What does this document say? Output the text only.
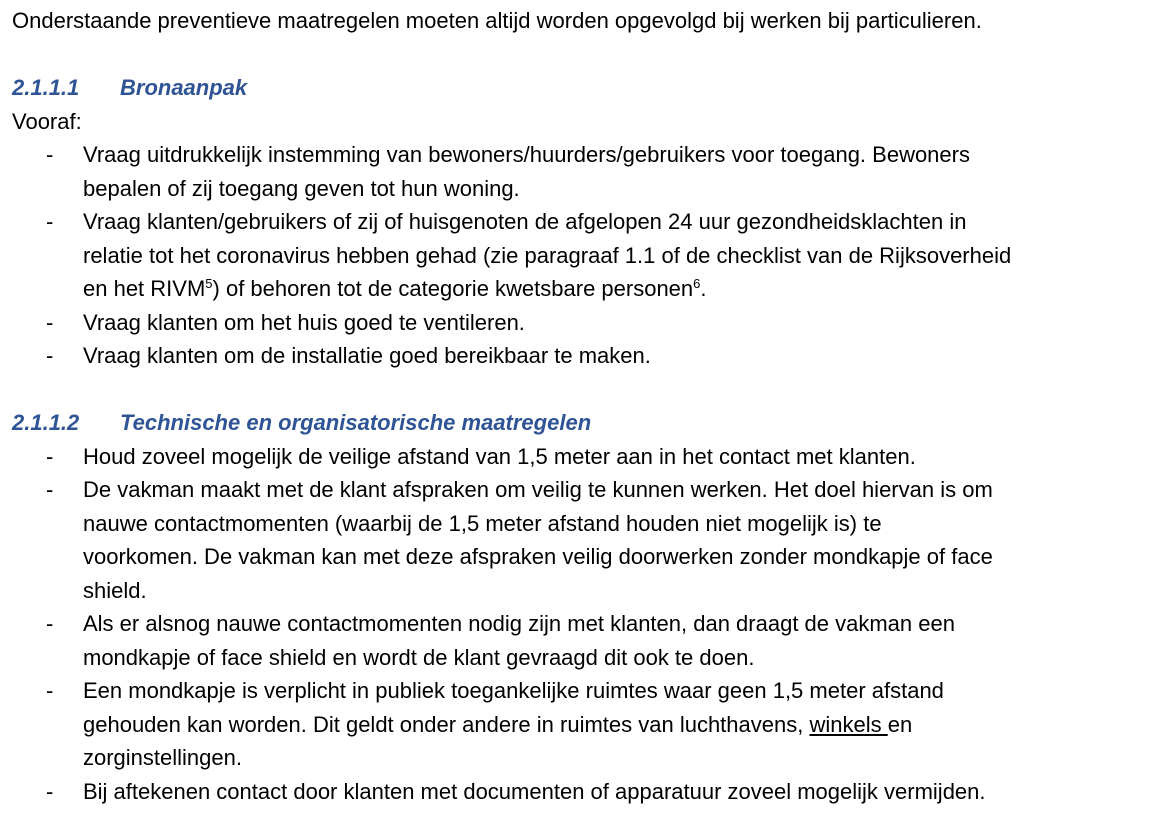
Onderstaande preventieve maatregelen moeten altijd worden opgevolgd bij werken bij particulieren.

2.1.1.1 Bronaanpak

Vooraf:

- Vraag uitdrukkelijk instemming van bewoners/huurders/gebruikers voor toegang. Bewoners
bepalen of zij toegang geven tot hun woning.
- Vraag klanten/gebruikers of zij of huisgenoten de afgelopen 24 uur gezondheidsklachten in
relatie tot het coronavirus hebben gehad (zie paragraaf 1.1 of de checklist van de Rijksoverheid
en het RIVM$^5$) of behoren tot de categorie kwetsbare personen$^6$.
- Vraag klanten om het huis goed te ventileren.
- Vraag klanten om de installatie goed bereikbaar te maken.
2.1.1.2 Technische en organisatorische maatregelen
- Houd zoveel mogelijk de veilige afstand van 1,5 meter aan in het contact met klanten.
- De vakman maakt met de klant afspraken om veilig te kunnen werken. Het doel hiervan is om
nauwe contactmomenten (waarbij de 1,5 meter afstand houden niet mogelijk is) te
voorkomen. De vakman kan met deze afspraken veilig doorwerken zonder mondkapje of face
shield.
- Als er alsnog nauwe contactmomenten nodig zijn met klanten, dan draagt de vakman een
mondkapje of face shield en wordt de klant gevraagd dit ook te doen.
- Een mondkapje is verplicht in publiek toegankelijke ruimtes waar geen 1,5 meter afstand
gehouden kan worden. Dit geldt onder andere in ruimtes van luchthavens, winkels en
zorginstellingen.
- Bij aftekenen contact door klanten met documenten of apparatuur zoveel mogelijk vermijden.
